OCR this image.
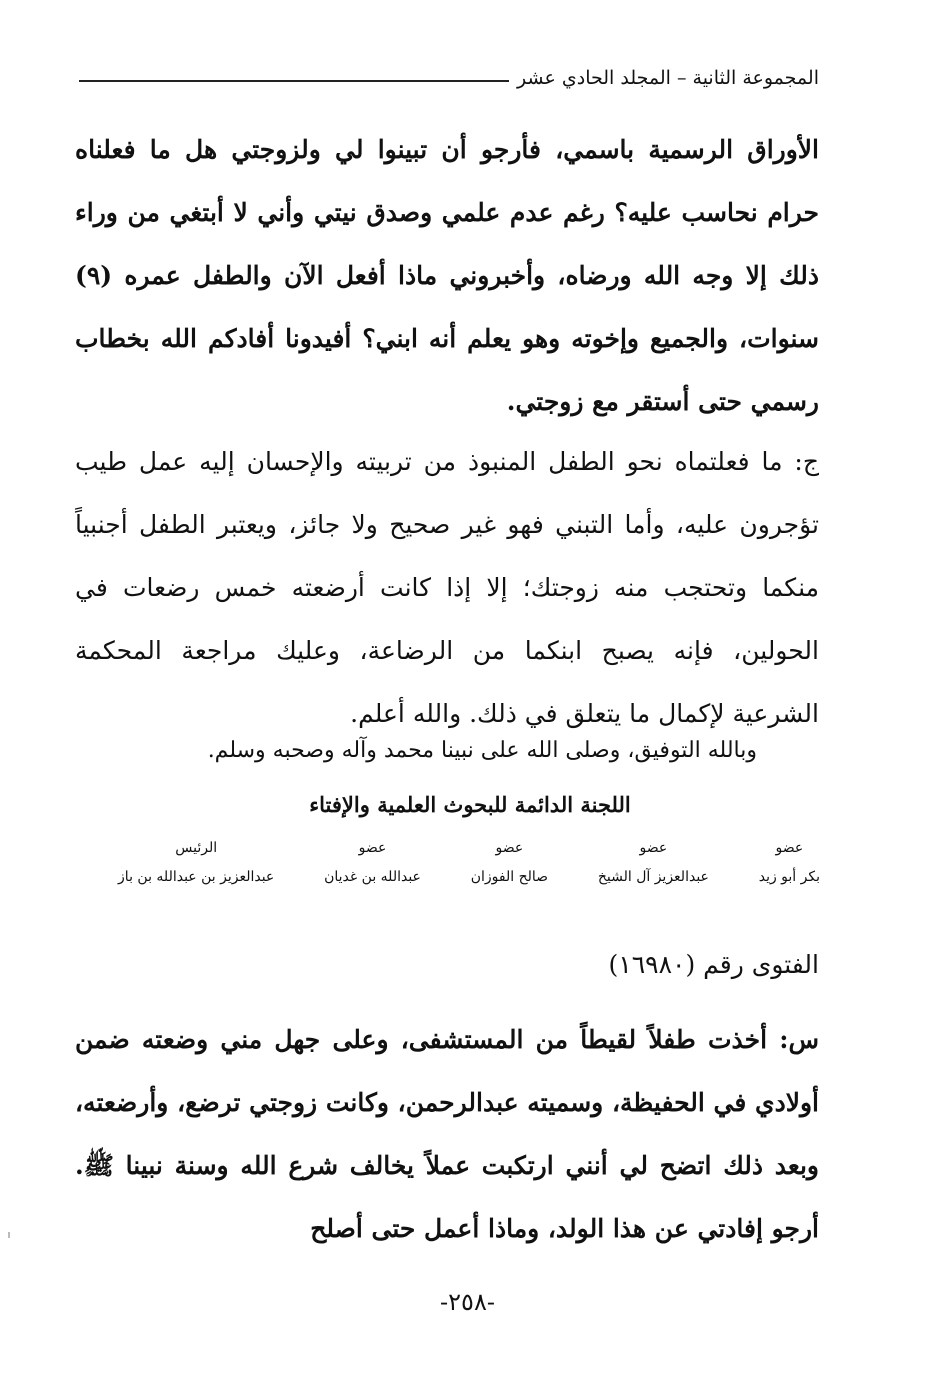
المجموعة الثانية – المجلد الحادي عشر

الأوراق الرسمية باسمي، فأرجو أن تبينوا لي ولزوجتي هل ما فعلناه حرام نحاسب عليه؟ رغم عدم علمي وصدق نيتي وأني لا أبتغي من وراء ذلك إلا وجه الله ورضاه، وأخبروني ماذا أفعل الآن والطفل عمره (٩) سنوات، والجميع وإخوته وهو يعلم أنه ابني؟ أفيدونا أفادكم الله بخطاب رسمي حتى أستقر مع زوجتي.

ج: ما فعلتماه نحو الطفل المنبوذ من تربيته والإحسان إليه عمل طيب تؤجرون عليه، وأما التبني فهو غير صحيح ولا جائز، ويعتبر الطفل أجنبياً منكما وتحتجب منه زوجتك؛ إلا إذا كانت أرضعته خمس رضعات في الحولين، فإنه يصبح ابنكما من الرضاعة، وعليك مراجعة المحكمة الشرعية لإكمال ما يتعلق في ذلك. والله أعلم.

وبالله التوفيق، وصلى الله على نبينا محمد وآله وصحبه وسلم.
اللجنة الدائمة للبحوث العلمية والإفتاء
عضو
بكر أبو زيد
عضو
عبدالعزيز آل الشيخ
عضو
صالح الفوزان
عضو
عبدالله بن غديان
الرئيس
عبدالعزيز بن عبدالله بن باز
الفتوى رقم (١٦٩٨٠)

س: أخذت طفلاً لقيطاً من المستشفى، وعلى جهل مني وضعته ضمن أولادي في الحفيظة، وسميته عبدالرحمن، وكانت زوجتي ترضع، وأرضعته، وبعد ذلك اتضح لي أنني ارتكبت عملاً يخالف شرع الله وسنة نبينا ﷺ. أرجو إفادتي عن هذا الولد، وماذا أعمل حتى أصلح

-٢٥٨-
